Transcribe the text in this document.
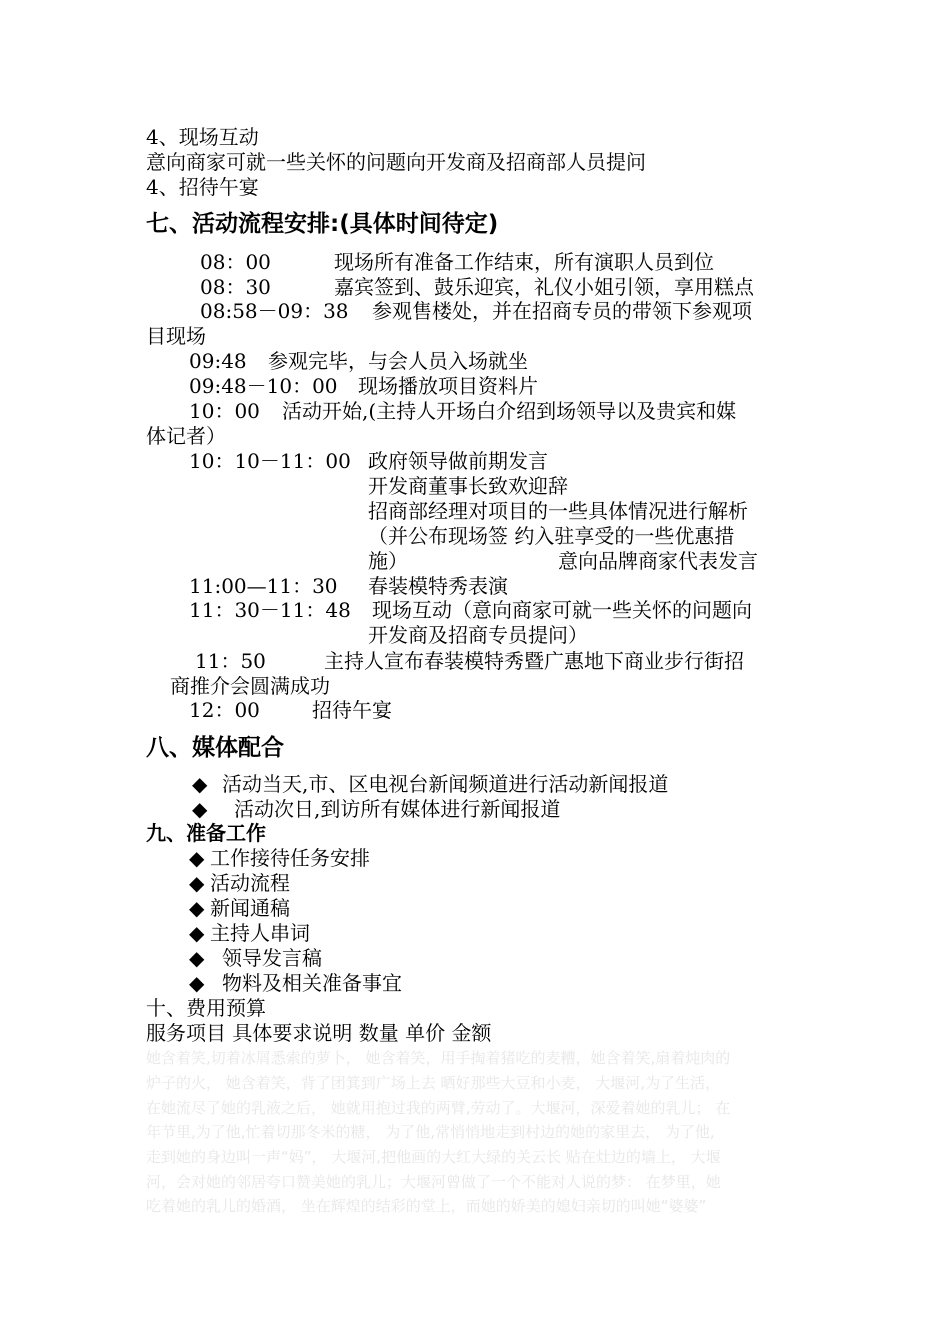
4、现场互动
意向商家可就一些关怀的问题向开发商及招商部人员提问
4、招待午宴
七、活动流程安排:(具体时间待定)
08：00	现场所有准备工作结束，所有演职人员到位
08：30	嘉宾签到、鼓乐迎宾，礼仪小姐引领，享用糕点
08:58－09：38 参观售楼处，并在招商专员的带领下参观项
目现场
09:48 参观完毕，与会人员入场就坐
09:48－10：00 现场播放项目资料片
10：00 活动开始,(主持人开场白介绍到场领导以及贵宾和媒
体记者）
10：10－11：00 政府领导做前期发言
开发商董事长致欢迎辞
招商部经理对项目的一些具体情况进行解析
（并公布现场签 约入驻享受的一些优惠措
施）	意向品牌商家代表发言
11:00—11：30 春装模特秀表演
11：30－11：48 现场互动（意向商家可就一些关怀的问题向
开发商及招商专员提问）
11：50	主持人宣布春装模特秀暨广惠地下商业步行街招
商推介会圆满成功
12：00	招待午宴
八、媒体配合
◆ 活动当天,市、区电视台新闻频道进行活动新闻报道
◆ 活动次日,到访所有媒体进行新闻报道
九、准备工作
◆ 工作接待任务安排
◆ 活动流程
◆ 新闻通稿
◆ 主持人串词
◆ 领导发言稿
◆ 物料及相关准备事宜
十、费用预算
服务项目 具体要求说明 数量 单价 金额
她含着笑,切着冰屑悉索的萝卜， 她含着笑，用手掏着猪吃的麦糟，她含着笑,扇着炖肉的
炉子的火， 她含着笑，背了团箕到广场上去 晒好那些大豆和小麦， 大堰河,为了生活，
在她流尽了她的乳液之后， 她就用抱过我的两臂,劳动了。大堰河，深爱着她的乳儿； 在
年节里,为了他,忙着切那冬米的糖， 为了他,常悄悄地走到村边的她的家里去， 为了他,
走到她的身边叫一声“妈”， 大堰河,把他画的大红大绿的关云长 贴在灶边的墙上， 大堰
河，会对她的邻居夸口赞美她的乳儿；大堰河曾做了一个不能对人说的梦： 在梦里，她
吃着她的乳儿的婚酒， 坐在辉煌的结彩的堂上，而她的娇美的媳妇亲切的叫她“婆婆”
